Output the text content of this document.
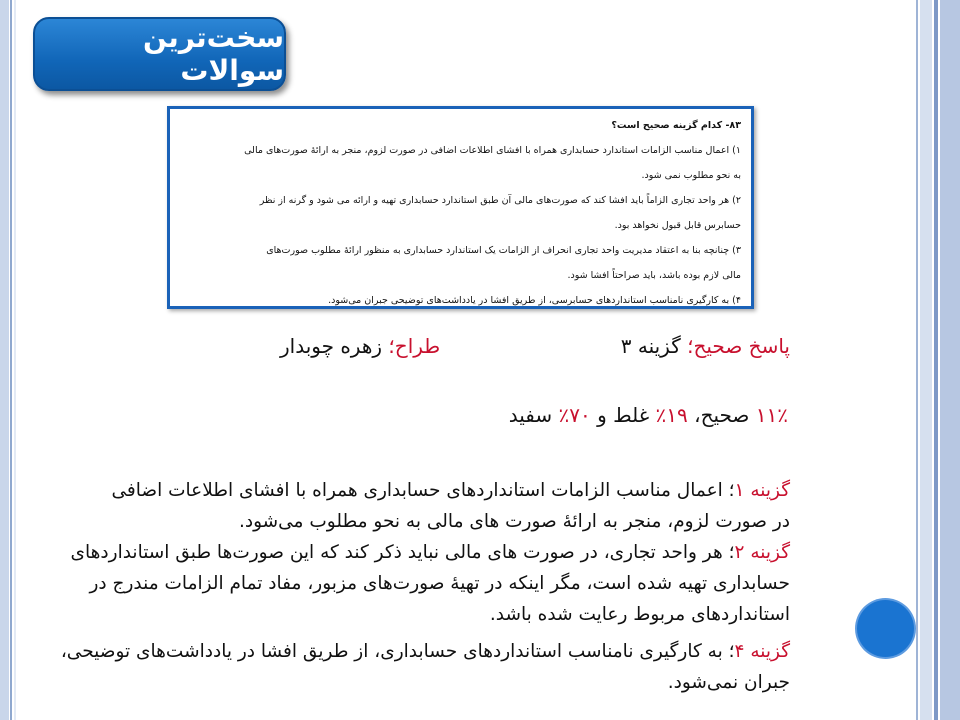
سخت‌ترین سوالات
۸۳- کدام گزینه صحیح است؟
۱) اعمال مناسب الزامات استاندارد حسابداری همراه با افشای اطلاعات اضافی در صورت لزوم، منجر به ارائهٔ صورت‌های مالی
به نحو مطلوب نمی شود.
۲) هر واحد تجاری الزاماً باید افشا کند که صورت‌های مالی آن طبق استاندارد حسابداری تهیه و ارائه می شود و گرنه از نظر
حسابرس قابل قبول نخواهد بود.
۳) چنانچه بنا به اعتقاد مدیریت واحد تجاری انحراف از الزامات یک استاندارد حسابداری به منظور ارائهٔ مطلوب صورت‌های
مالی لازم بوده باشد، باید صراحتاً افشا شود.
۴) به کارگیری نامناسب استانداردهای حسابرسی، از طریق افشا در یادداشت‌های توضیحی جبران می‌شود.
پاسخ صحیح؛ گزینه ۳
طراح؛ زهره چوبدار
۱۱٪ صحیح، ۱۹٪ غلط و ۷۰٪ سفید

گزینه ۱؛ اعمال مناسب الزامات استانداردهای حسابداری همراه با افشای اطلاعات اضافی

در صورت لزوم، منجر به ارائهٔ صورت های مالی به نحو مطلوب می‌شود.

گزینه ۲؛ هر واحد تجاری، در صورت های مالی نباید ذکر کند که این صورت‌ها طبق استانداردهای حسابداری تهیه شده است، مگر اینکه در تهیهٔ صورت‌های مزبور، مفاد تمام الزامات مندرج در استانداردهای مربوط رعایت شده باشد.

گزینه ۴؛ به کارگیری نامناسب استانداردهای حسابداری، از طریق افشا در یادداشت‌های توضیحی، جبران نمی‌شود.
